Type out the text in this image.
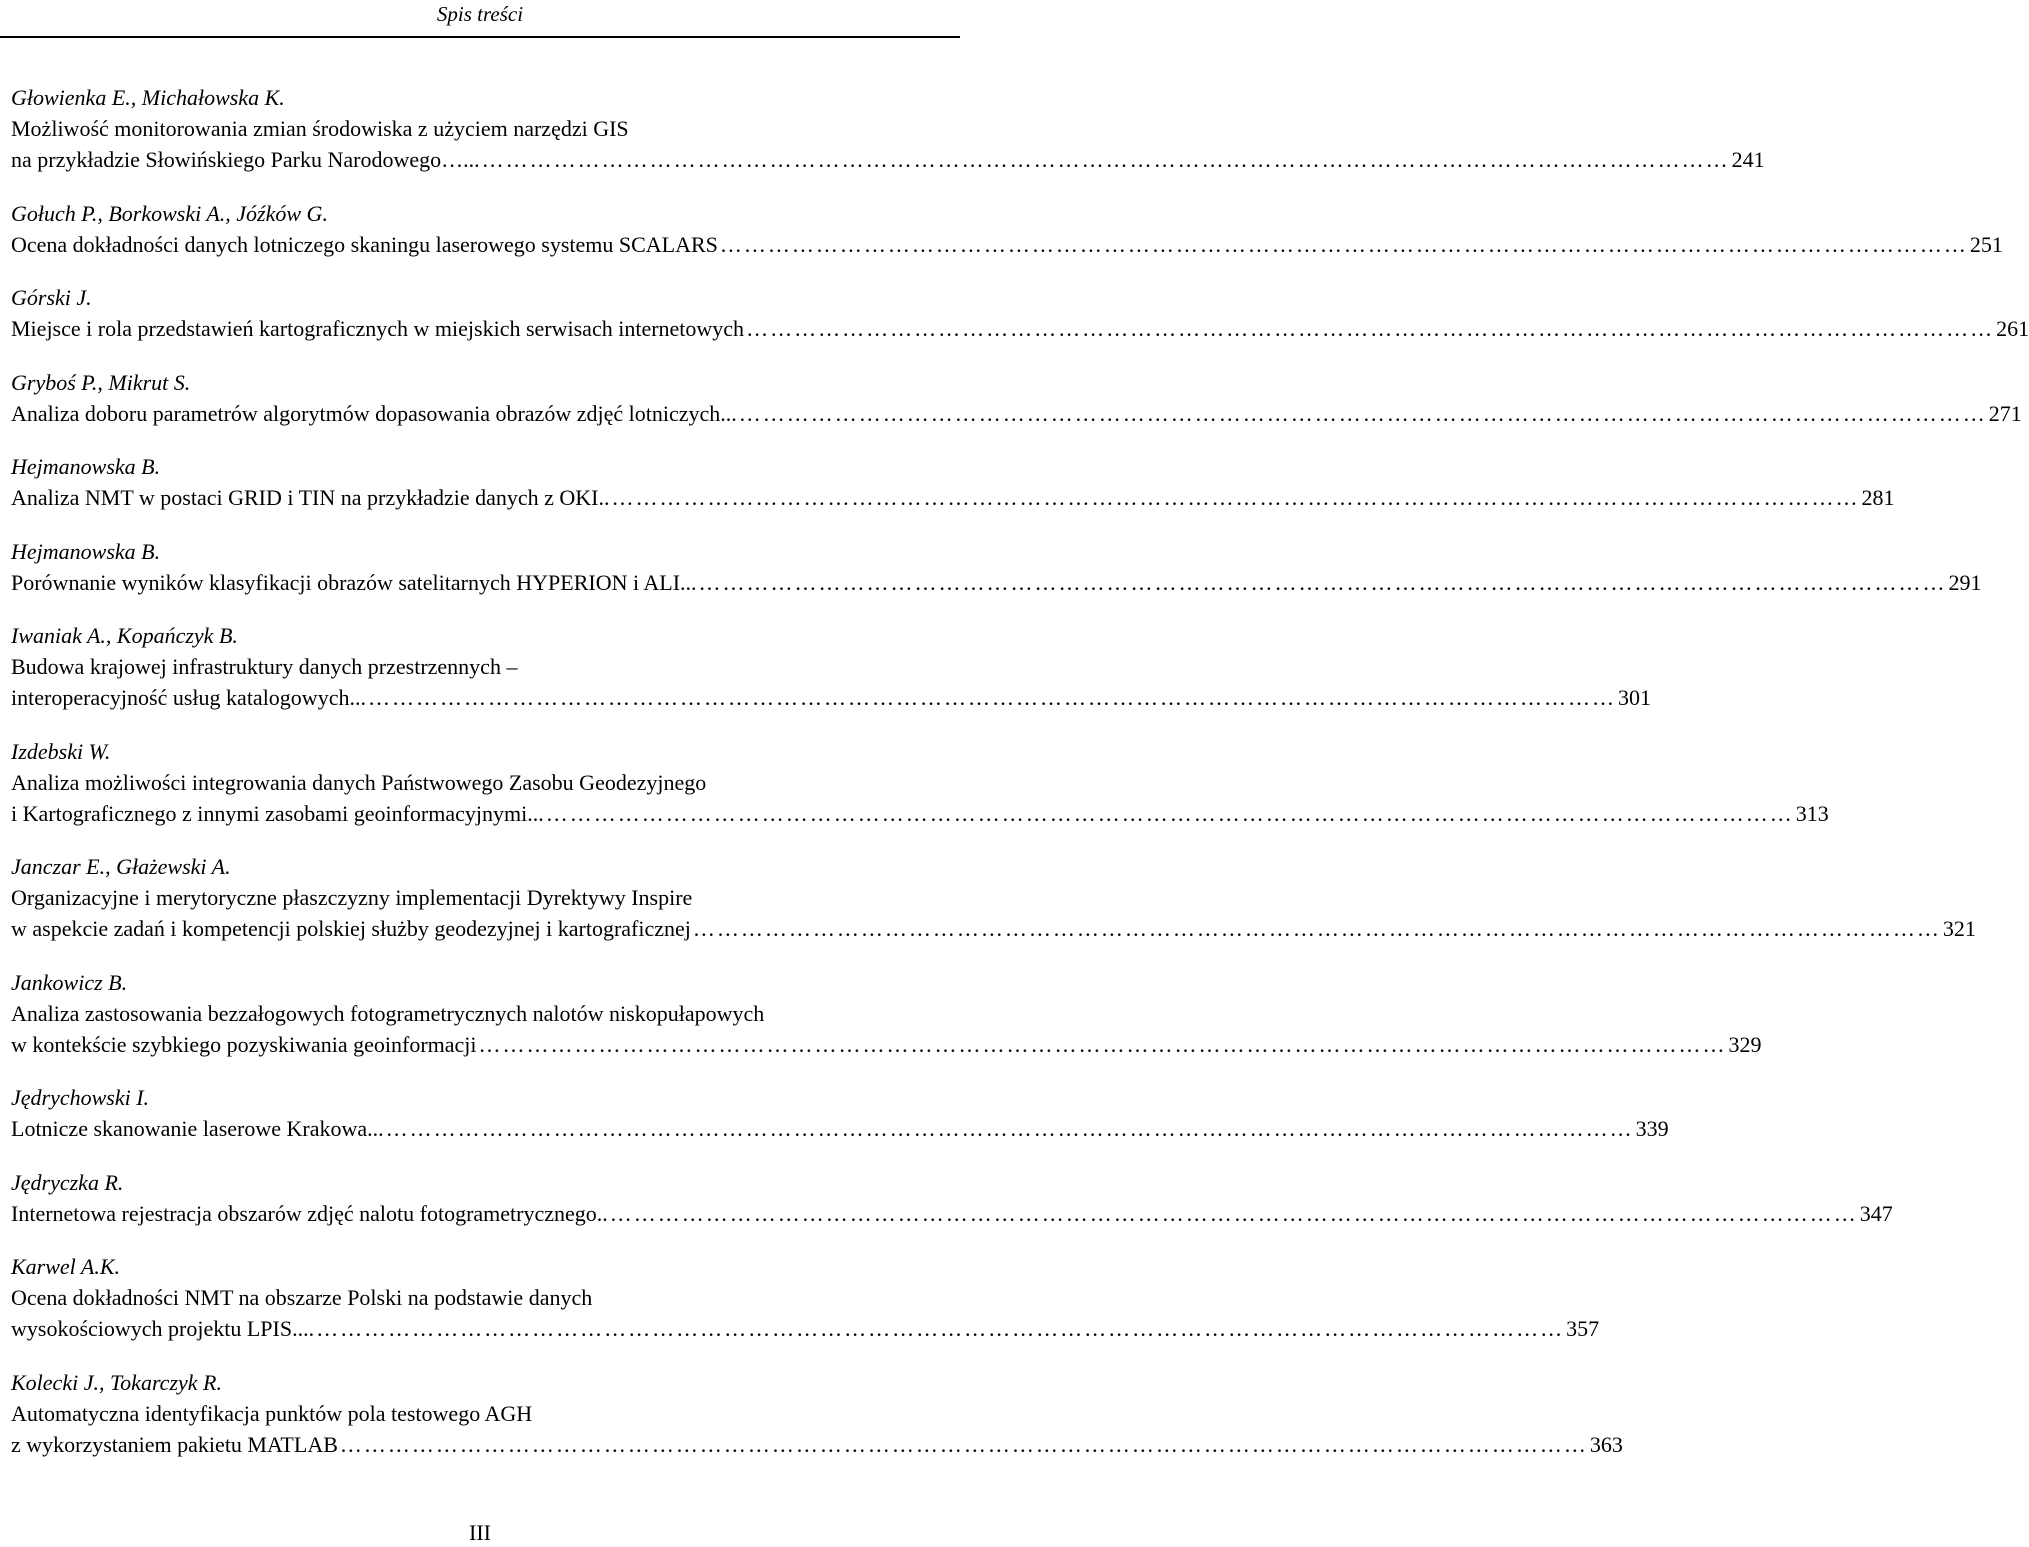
Spis treści
Głowienka E., Michałowska K.
Możliwość monitorowania zmian środowiska z użyciem narzędzi GIS
na przykładzie Słowińskiego Parku Narodowego…... ………………………………………………………………………………………………………………………………………… 241
Gołuch P., Borkowski A., Jóźków G.
Ocena dokładności danych lotniczego skaningu laserowego systemu SCALARS ………………………………………………………………………………………………………………………………………… 251
Górski J.
Miejsce i rola przedstawień kartograficznych w miejskich serwisach internetowych ………………………………………………………………………………………………………………………………………… 261
Gryboś P., Mikrut S.
Analiza doboru parametrów algorytmów dopasowania obrazów zdjęć lotniczych... ………………………………………………………………………………………………………………………………………… 271
Hejmanowska B.
Analiza NMT w postaci GRID i TIN na przykładzie danych z OKI.. ………………………………………………………………………………………………………………………………………… 281
Hejmanowska B.
Porównanie wyników klasyfikacji obrazów satelitarnych HYPERION i ALI... ………………………………………………………………………………………………………………………………………… 291
Iwaniak A., Kopańczyk B.
Budowa krajowej infrastruktury danych przestrzennych –
interoperacyjność usług katalogowych... ………………………………………………………………………………………………………………………………………… 301
Izdebski W.
Analiza możliwości integrowania danych Państwowego Zasobu Geodezyjnego
i Kartograficznego z innymi zasobami geoinformacyjnymi... ………………………………………………………………………………………………………………………………………… 313
Janczar E., Głażewski A.
Organizacyjne i merytoryczne płaszczyzny implementacji Dyrektywy Inspire
w aspekcie zadań i kompetencji polskiej służby geodezyjnej i kartograficznej ………………………………………………………………………………………………………………………………………… 321
Jankowicz B.
Analiza zastosowania bezzałogowych fotogrametrycznych nalotów niskopułapowych
w kontekście szybkiego pozyskiwania geoinformacji ………………………………………………………………………………………………………………………………………… 329
Jędrychowski I.
Lotnicze skanowanie laserowe Krakowa... ………………………………………………………………………………………………………………………………………… 339
Jędryczka R.
Internetowa rejestracja obszarów zdjęć nalotu fotogrametrycznego.. ………………………………………………………………………………………………………………………………………… 347
Karwel A.K.
Ocena dokładności NMT na obszarze Polski na podstawie danych
wysokościowych projektu LPIS.... ………………………………………………………………………………………………………………………………………… 357
Kolecki J., Tokarczyk R.
Automatyczna identyfikacja punktów pola testowego AGH
z wykorzystaniem pakietu MATLAB ………………………………………………………………………………………………………………………………………… 363
III
